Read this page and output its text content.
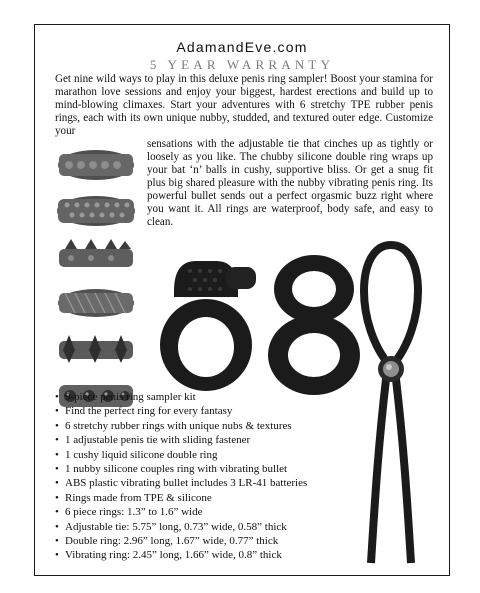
AdamandEve.com
5 YEAR WARRANTY

Get nine wild ways to play in this deluxe penis ring sampler! Boost your stamina for marathon love sessions and enjoy your biggest, hardest erections and build up to mind-blowing climaxes. Start your adventures with 6 stretchy TPE rubber penis rings, each with its own unique nubby, studded, and textured outer edge. Customize your

sensations with the adjustable tie that cinches up as tightly or loosely as you like. The chubby silicone double ring wraps up your bat ‘n’ balls in cushy, supportive bliss. Or get a snug fit plus big shared pleasure with the nubby vibrating penis ring. Its powerful bullet sends out a perfect orgasmic buzz right where you want it. All rings are waterproof, body safe, and easy to clean.

• 9-piece penis ring sampler kit
• Find the perfect ring for every fantasy
• 6 stretchy rubber rings with unique nubs & textures
• 1 adjustable penis tie with sliding fastener
• 1 cushy liquid silicone double ring
• 1 nubby silicone couples ring with vibrating bullet
• ABS plastic vibrating bullet includes 3 LR-41 batteries
• Rings made from TPE & silicone
• 6 piece rings: 1.3” to 1.6” wide
• Adjustable tie: 5.75” long, 0.73” wide, 0.58” thick
• Double ring: 2.96” long, 1.67” wide, 0.77” thick
• Vibrating ring: 2.45” long, 1.66” wide, 0.8” thick
